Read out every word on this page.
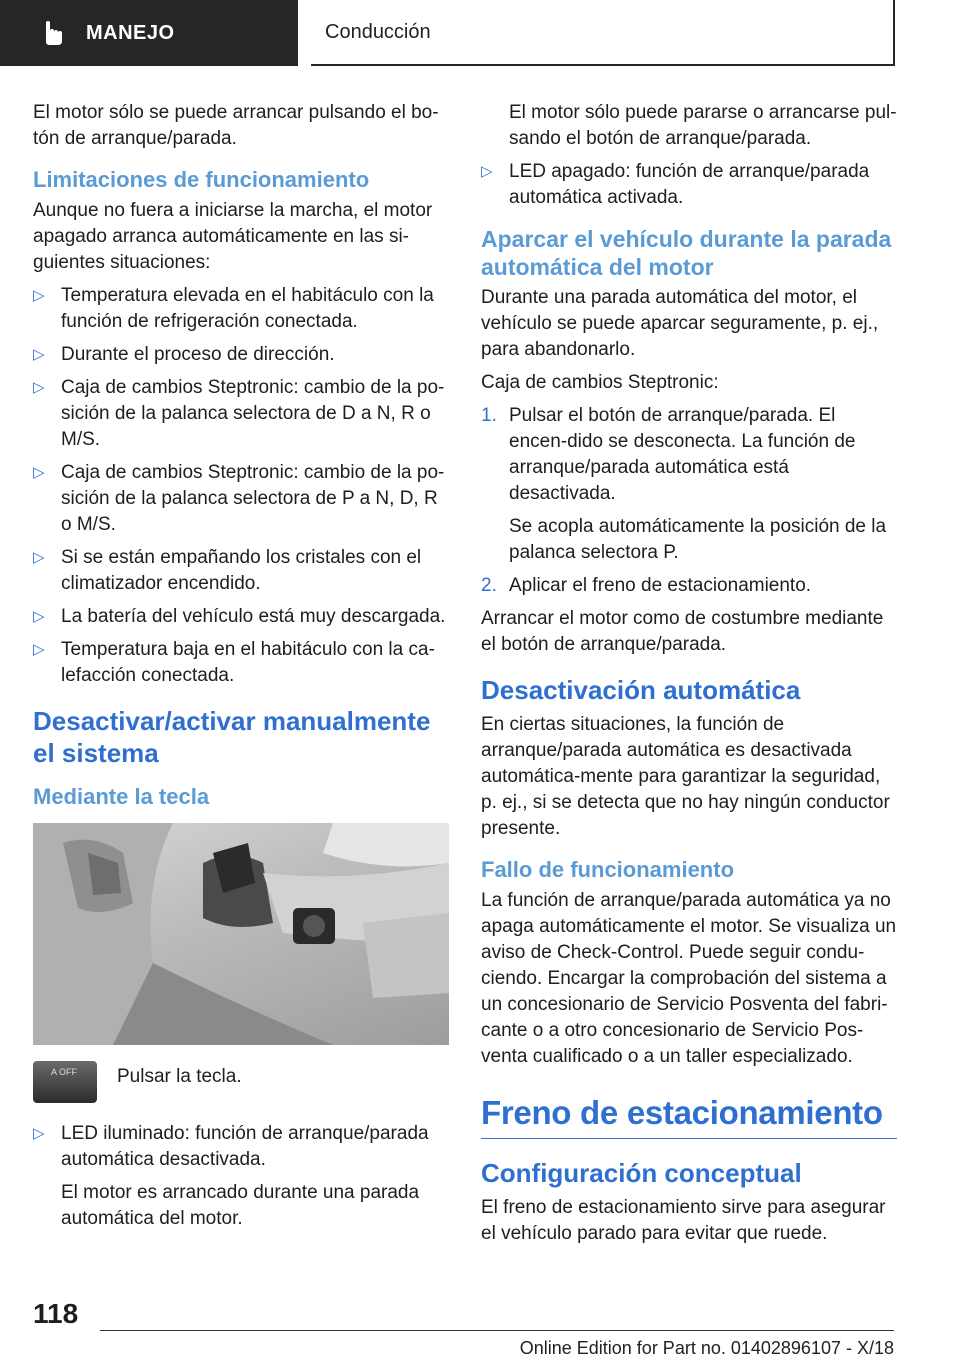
MANEJO	Conducción

El motor sólo se puede arrancar pulsando el bo-tón de arranque/parada.

Limitaciones de funcionamiento

Aunque no fuera a iniciarse la marcha, el motor apagado arranca automáticamente en las si-guientes situaciones:

▷ Temperatura elevada en el habitáculo con la función de refrigeración conectada.
▷ Durante el proceso de dirección.
▷ Caja de cambios Steptronic: cambio de la po-sición de la palanca selectora de D a N, R o M/S.
▷ Caja de cambios Steptronic: cambio de la po-sición de la palanca selectora de P a N, D, R o M/S.
▷ Si se están empañando los cristales con el climatizador encendido.
▷ La batería del vehículo está muy descargada.
▷ Temperatura baja en el habitáculo con la ca-lefacción conectada.
Desactivar/activar manualmente el sistema
Mediante la tecla
A OFF Pulsar la tecla.

▷ LED iluminado: función de arranque/parada automática desactivada.

El motor es arrancado durante una parada automática del motor.

El motor sólo puede pararse o arrancarse pul-sando el botón de arranque/parada.

▷ LED apagado: función de arranque/parada automática activada.
Aparcar el vehículo durante la parada automática del motor

Durante una parada automática del motor, el vehículo se puede aparcar seguramente, p. ej., para abandonarlo.

Caja de cambios Steptronic:

1. Pulsar el botón de arranque/parada. El encen-dido se desconecta. La función de arranque/parada automática está desactivada.

Se acopla automáticamente la posición de la palanca selectora P.

2. Aplicar el freno de estacionamiento.

Arrancar el motor como de costumbre mediante el botón de arranque/parada.

Desactivación automática

En ciertas situaciones, la función de arranque/parada automática es desactivada automática-mente para garantizar la seguridad, p. ej., si se detecta que no hay ningún conductor presente.

Fallo de funcionamiento

La función de arranque/parada automática ya no apaga automáticamente el motor. Se visualiza un aviso de Check-Control. Puede seguir condu-ciendo. Encargar la comprobación del sistema a un concesionario de Servicio Posventa del fabri-cante o a otro concesionario de Servicio Pos-venta cualificado o a un taller especializado.

Freno de estacionamiento
Configuración conceptual

El freno de estacionamiento sirve para asegurar el vehículo parado para evitar que ruede.

118
Online Edition for Part no. 01402896107 - X/18
